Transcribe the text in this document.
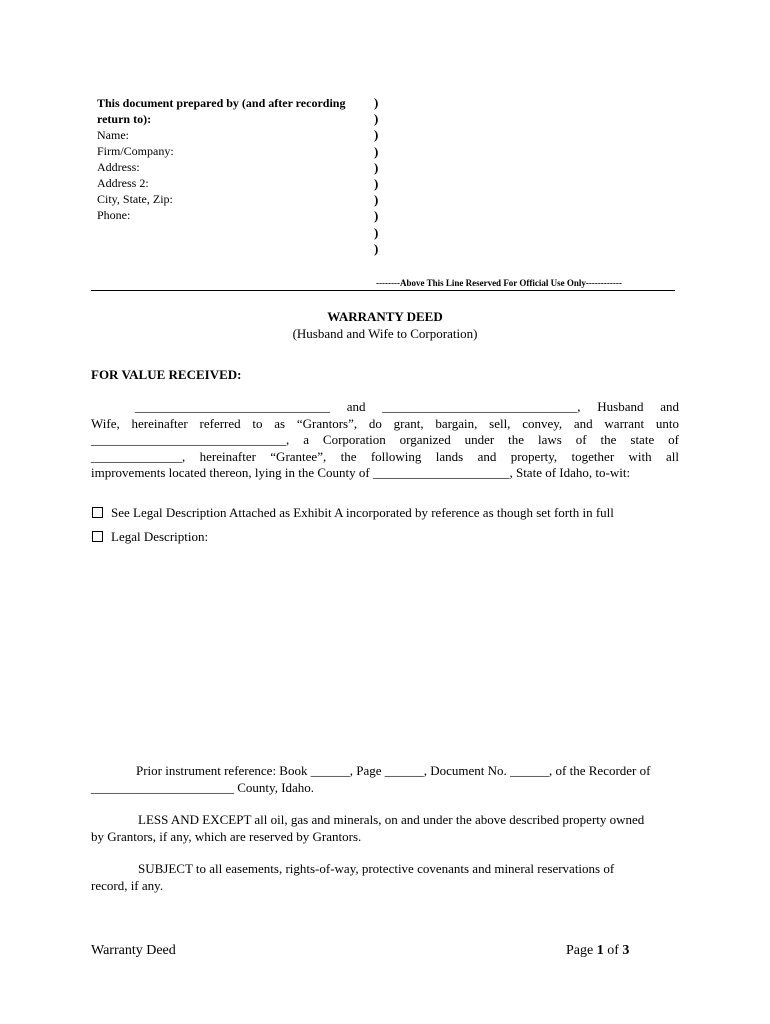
This document prepared by (and after recording
return to):
Name:
Firm/Company:
Address:
Address 2:
City, State, Zip:
Phone:
)
)
)
)
)
)
)
)
)
)
--------Above This Line Reserved For Official Use Only------------
WARRANTY DEED
(Husband and Wife to Corporation)
FOR VALUE RECEIVED:
______________________________ and ______________________________, Husband and
Wife, hereinafter referred to as “Grantors”, do grant, bargain, sell, convey, and warrant unto
______________________________, a Corporation organized under the laws of the state of
______________, hereinafter “Grantee”, the following lands and property, together with all
improvements located thereon, lying in the County of _____________________, State of Idaho, to-wit:
See Legal Description Attached as Exhibit A incorporated by reference as though set forth in full
Legal Description:
Prior instrument reference: Book ______, Page ______, Document No. ______, of the Recorder of
______________________ County, Idaho.
LESS AND EXCEPT all oil, gas and minerals, on and under the above described property owned
by Grantors, if any, which are reserved by Grantors.
SUBJECT to all easements, rights-of-way, protective covenants and mineral reservations of
record, if any.
Warranty Deed	Page 1 of 3
